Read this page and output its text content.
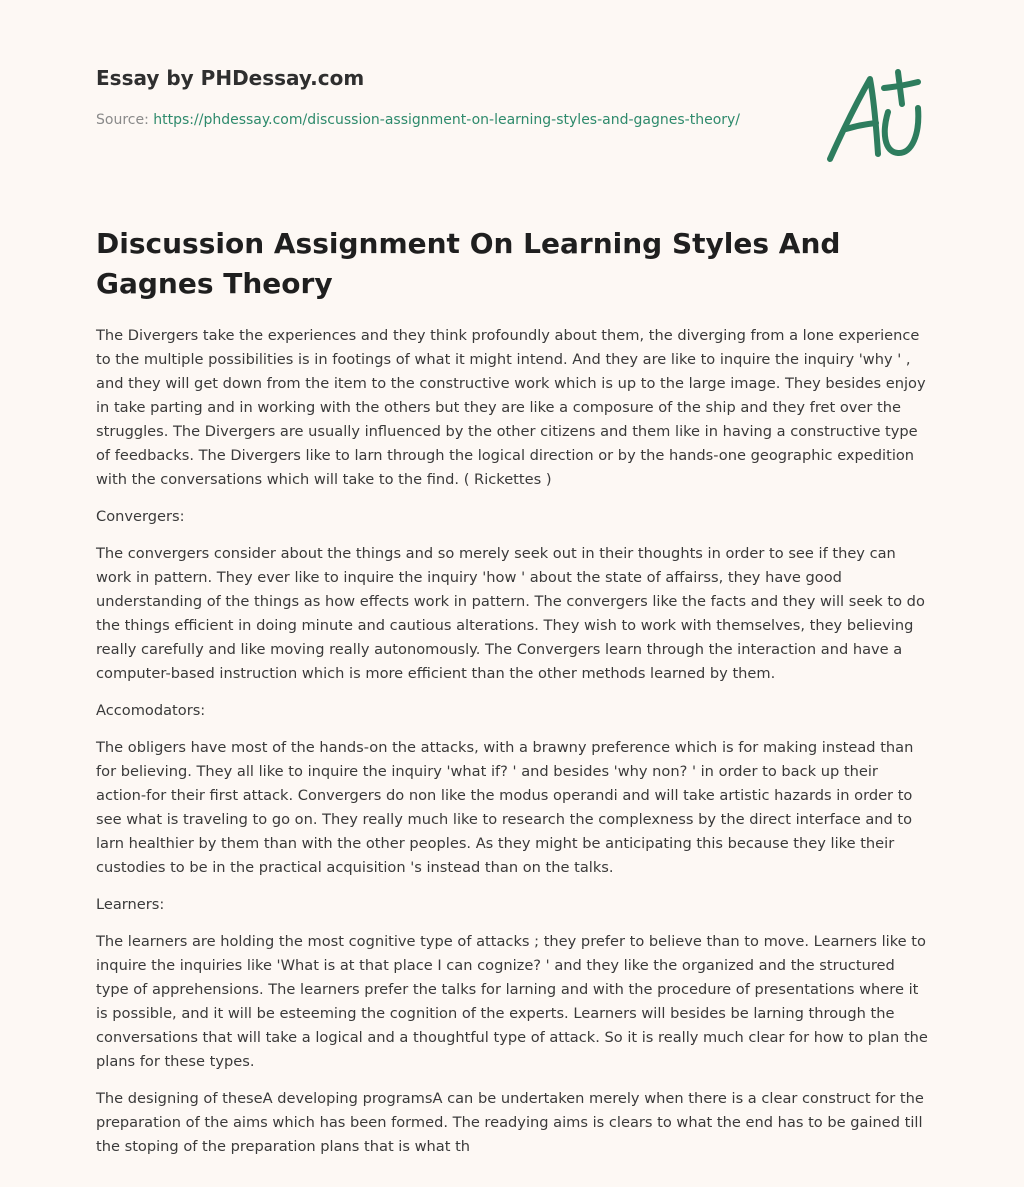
Essay by PHDessay.com
Source: https://phdessay.com/discussion-assignment-on-learning-styles-and-gagnes-theory/
Discussion Assignment On Learning Styles And Gagnes Theory

The Divergers take the experiences and they think profoundly about them, the diverging from a lone experience to the multiple possibilities is in footings of what it might intend. And they are like to inquire the inquiry 'why ' , and they will get down from the item to the constructive work which is up to the large image. They besides enjoy in take parting and in working with the others but they are like a composure of the ship and they fret over the struggles. The Divergers are usually influenced by the other citizens and them like in having a constructive type of feedbacks. The Divergers like to larn through the logical direction or by the hands-one geographic expedition with the conversations which will take to the find. ( Rickettes )

Convergers:

The convergers consider about the things and so merely seek out in their thoughts in order to see if they can work in pattern. They ever like to inquire the inquiry 'how ' about the state of affairss, they have good understanding of the things as how effects work in pattern. The convergers like the facts and they will seek to do the things efficient in doing minute and cautious alterations. They wish to work with themselves, they believing really carefully and like moving really autonomously. The Convergers learn through the interaction and have a computer-based instruction which is more efficient than the other methods learned by them.

Accomodators:

The obligers have most of the hands-on the attacks, with a brawny preference which is for making instead than for believing. They all like to inquire the inquiry 'what if? ' and besides 'why non? ' in order to back up their action-for their first attack. Convergers do non like the modus operandi and will take artistic hazards in order to see what is traveling to go on. They really much like to research the complexness by the direct interface and to larn healthier by them than with the other peoples. As they might be anticipating this because they like their custodies to be in the practical acquisition 's instead than on the talks.

Learners:

The learners are holding the most cognitive type of attacks ; they prefer to believe than to move. Learners like to inquire the inquiries like 'What is at that place I can cognize? ' and they like the organized and the structured type of apprehensions. The learners prefer the talks for larning and with the procedure of presentations where it is possible, and it will be esteeming the cognition of the experts. Learners will besides be larning through the conversations that will take a logical and a thoughtful type of attack. So it is really much clear for how to plan the plans for these types.

The designing of theseA developing programsA can be undertaken merely when there is a clear construct for the preparation of the aims which has been formed. The readying aims is clears to what the end has to be gained till the stoping of the preparation plans that is what th
